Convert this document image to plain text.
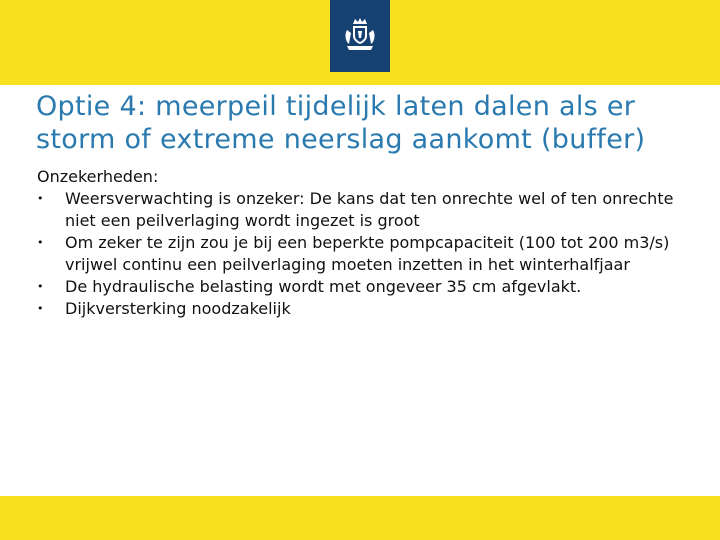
Optie 4: meerpeil tijdelijk laten dalen als er storm of extreme neerslag aankomt (buffer)

Onzekerheden:

• Weersverwachting is onzeker: De kans dat ten onrechte wel of ten onrechte niet een peilverlaging wordt ingezet is groot
• Om zeker te zijn zou je bij een beperkte pompcapaciteit (100 tot 200 m3/s) vrijwel continu een peilverlaging moeten inzetten in het winterhalfjaar
• De hydraulische belasting wordt met ongeveer 35 cm afgevlakt.
• Dijkversterking noodzakelijk
